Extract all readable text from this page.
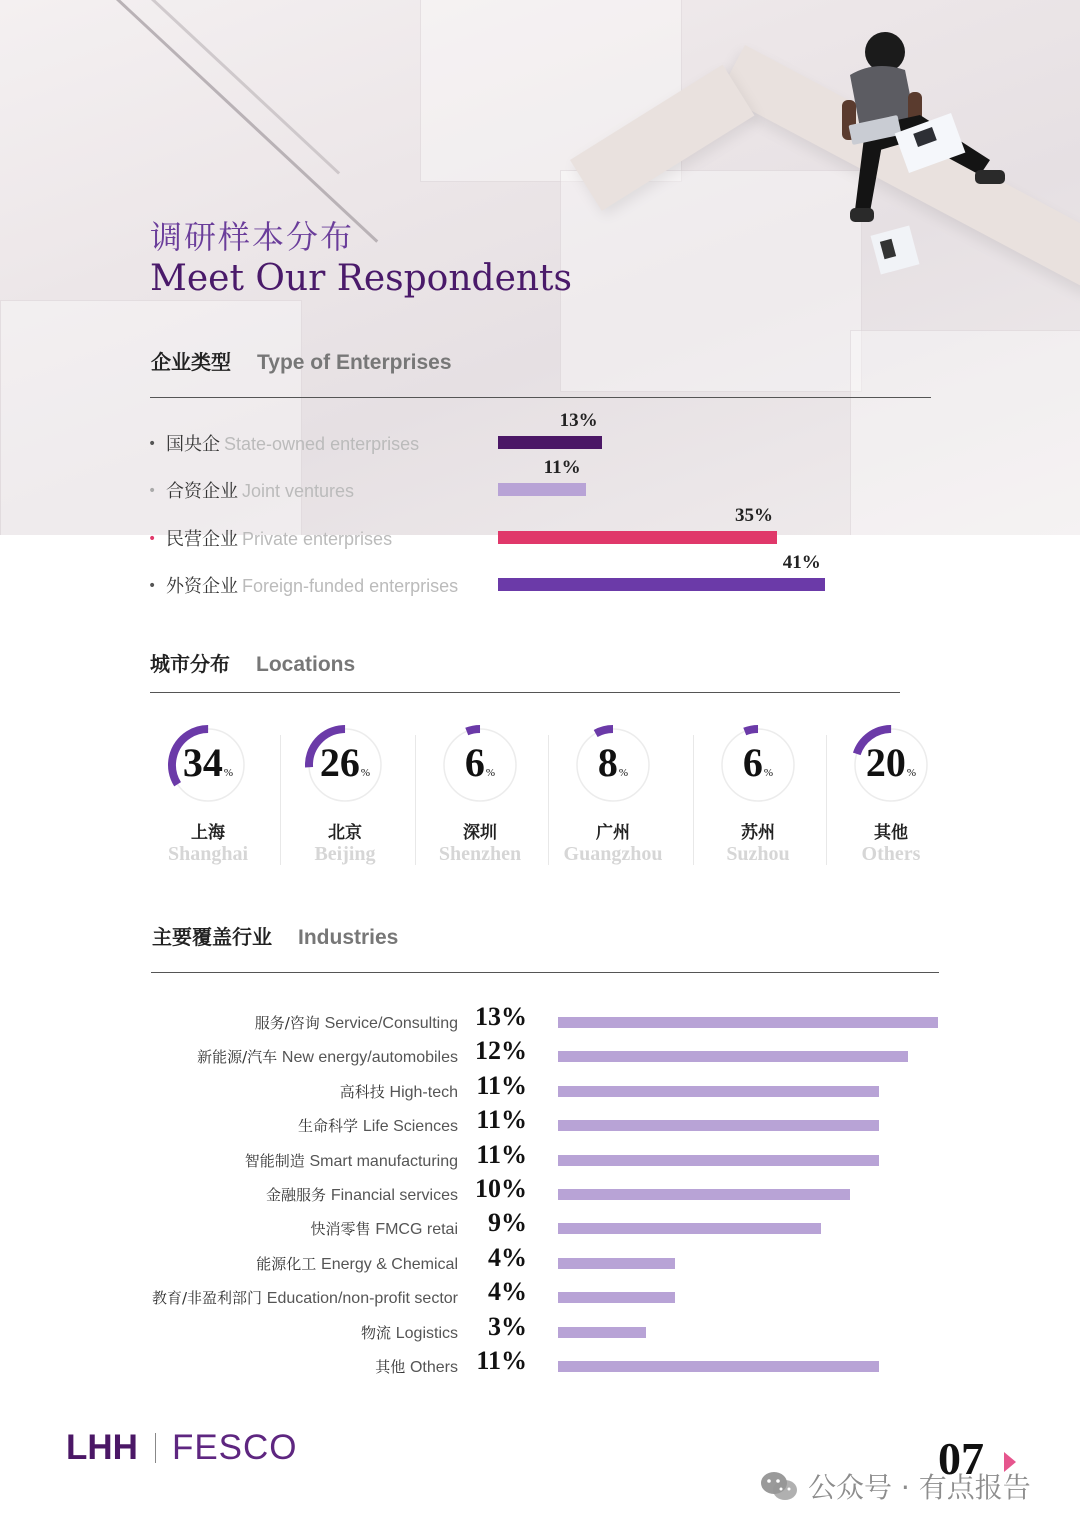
调研样本分布
Meet Our Respondents
企业类型 Type of Enterprises
• 国央企 State-owned enterprises
13%
• 合资企业 Joint ventures
11%
• 民营企业 Private enterprises
35%
• 外资企业 Foreign-funded enterprises
41%
城市分布 Locations
34%
上海
Shanghai
26%
北京
Beijing
6%
深圳
Shenzhen
8%
广州
Guangzhou
6%
苏州
Suzhou
20%
其他
Others
主要覆盖行业 Industries
服务/咨询 Service/Consulting 13%
新能源/汽车 New energy/automobiles 12%
高科技 High-tech 11%
生命科学 Life Sciences 11%
智能制造 Smart manufacturing 11%
金融服务 Financial services 10%
快消零售 FMCG retai 9%
能源化工 Energy & Chemical 4%
教育/非盈利部门 Education/non-profit sector 4%
物流 Logistics 3%
其他 Others 11%
LHH FESCO	07
公众号 · 有点报告
